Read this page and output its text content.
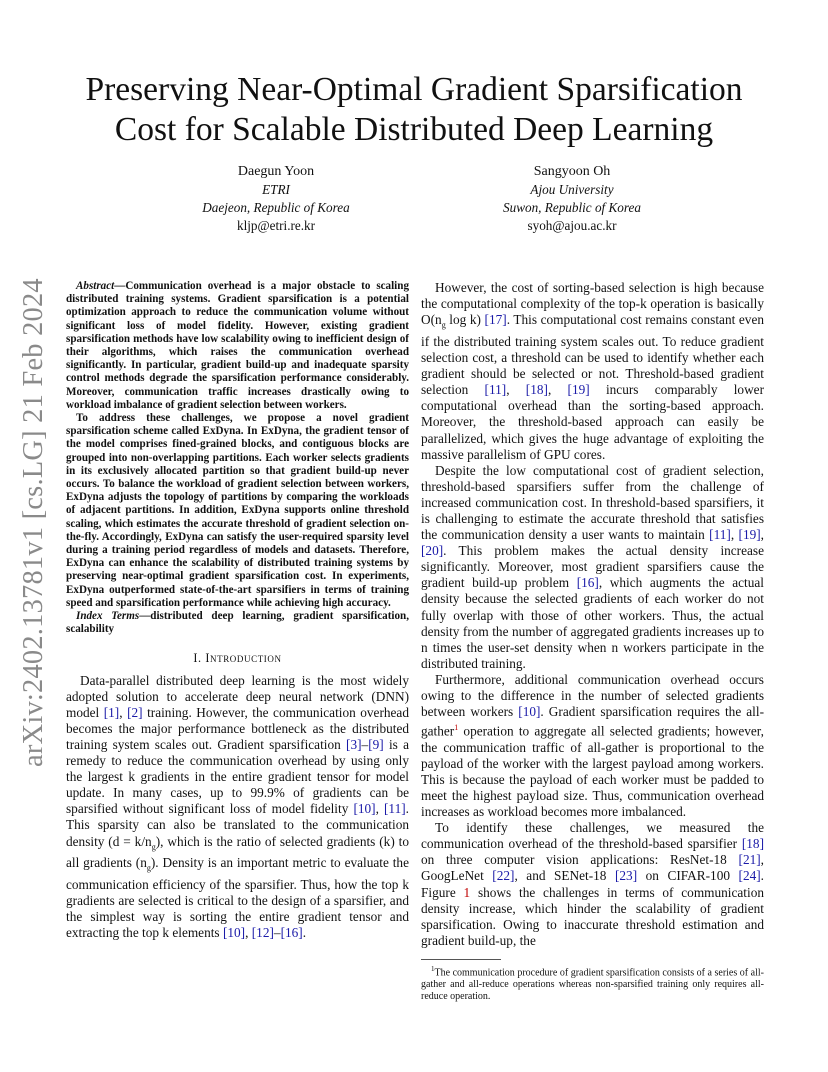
arXiv:2402.13781v1 [cs.LG] 21 Feb 2024
Preserving Near-Optimal Gradient Sparsification
Cost for Scalable Distributed Deep Learning
Daegun Yoon
ETRI
Daejeon, Republic of Korea
kljp@etri.re.kr
Sangyoon Oh
Ajou University
Suwon, Republic of Korea
syoh@ajou.ac.kr

Abstract—Communication overhead is a major obstacle to scaling distributed training systems. Gradient sparsification is a potential optimization approach to reduce the communication volume without significant loss of model fidelity. However, existing gradient sparsification methods have low scalability owing to inefficient design of their algorithms, which raises the communication overhead significantly. In particular, gradient build-up and inadequate sparsity control methods degrade the sparsification performance considerably. Moreover, communication traffic increases drastically owing to workload imbalance of gradient selection between workers.

To address these challenges, we propose a novel gradient sparsification scheme called ExDyna. In ExDyna, the gradient tensor of the model comprises fined-grained blocks, and contiguous blocks are grouped into non-overlapping partitions. Each worker selects gradients in its exclusively allocated partition so that gradient build-up never occurs. To balance the workload of gradient selection between workers, ExDyna adjusts the topology of partitions by comparing the workloads of adjacent partitions. In addition, ExDyna supports online threshold scaling, which estimates the accurate threshold of gradient selection on-the-fly. Accordingly, ExDyna can satisfy the user-required sparsity level during a training period regardless of models and datasets. Therefore, ExDyna can enhance the scalability of distributed training systems by preserving near-optimal gradient sparsification cost. In experiments, ExDyna outperformed state-of-the-art sparsifiers in terms of training speed and sparsification performance while achieving high accuracy.

Index Terms—distributed deep learning, gradient sparsification, scalability

I. Introduction

Data-parallel distributed deep learning is the most widely adopted solution to accelerate deep neural network (DNN) model [1], [2] training. However, the communication overhead becomes the major performance bottleneck as the distributed training system scales out. Gradient sparsification [3]–[9] is a remedy to reduce the communication overhead by using only the largest k gradients in the entire gradient tensor for model update. In many cases, up to 99.9% of gradients can be sparsified without significant loss of model fidelity [10], [11]. This sparsity can also be translated to the communication density $(d = k/n_g)$, which is the ratio of selected gradients (k) to all gradients $(n_g)$. Density is an important metric to evaluate the communication efficiency of the sparsifier. Thus, how the top k gradients are selected is critical to the design of a sparsifier, and the simplest way is sorting the entire gradient tensor and extracting the top k elements [10], [12]–[16].

However, the cost of sorting-based selection is high because the computational complexity of the top-k operation is basically $O(n_g$ log k) [17]. This computational cost remains constant even if the distributed training system scales out. To reduce gradient selection cost, a threshold can be used to identify whether each gradient should be selected or not. Threshold-based gradient selection [11], [18], [19] incurs comparably lower computational overhead than the sorting-based approach. Moreover, the threshold-based approach can easily be parallelized, which gives the huge advantage of exploiting the massive parallelism of GPU cores.

Despite the low computational cost of gradient selection, threshold-based sparsifiers suffer from the challenge of increased communication cost. In threshold-based sparsifiers, it is challenging to estimate the accurate threshold that satisfies the communication density a user wants to maintain [11], [19], [20]. This problem makes the actual density increase significantly. Moreover, most gradient sparsifiers cause the gradient build-up problem [16], which augments the actual density because the selected gradients of each worker do not fully overlap with those of other workers. Thus, the actual density from the number of aggregated gradients increases up to n times the user-set density when n workers participate in the distributed training.

Furthermore, additional communication overhead occurs owing to the difference in the number of selected gradients between workers [10]. Gradient sparsification requires the all-gather$^1$ operation to aggregate all selected gradients; however, the communication traffic of all-gather is proportional to the payload of the worker with the largest payload among workers. This is because the payload of each worker must be padded to meet the highest payload size. Thus, communication overhead increases as workload becomes more imbalanced.

To identify these challenges, we measured the communication overhead of the threshold-based sparsifier [18] on three computer vision applications: ResNet-18 [21], GoogLeNet [22], and SENet-18 [23] on CIFAR-100 [24]. Figure 1 shows the challenges in terms of communication density increase, which hinder the scalability of gradient sparsification. Owing to inaccurate threshold estimation and gradient build-up, the

$^1$The communication procedure of gradient sparsification consists of a series of all-gather and all-reduce operations whereas non-sparsified training only requires all-reduce operation.
